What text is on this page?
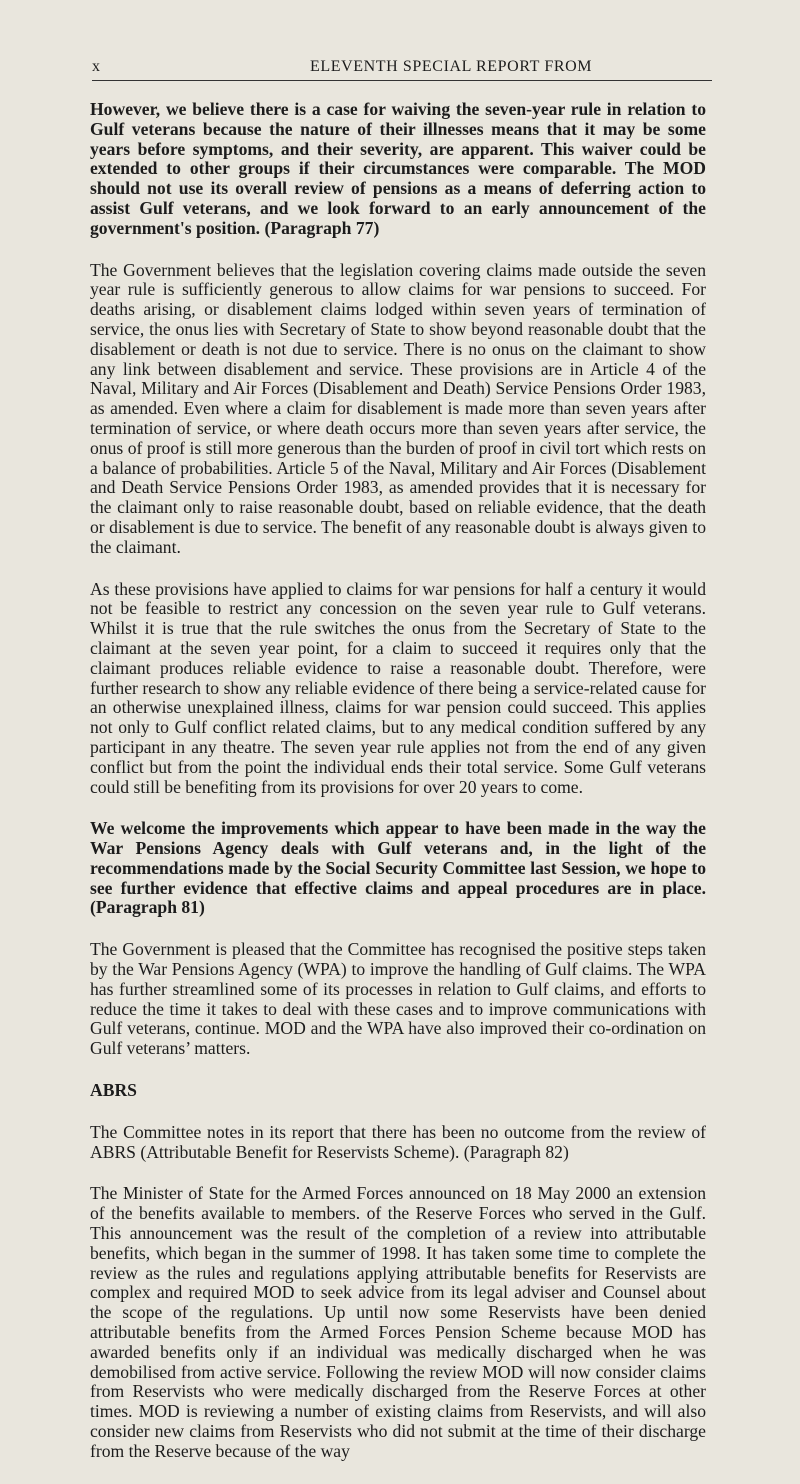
x	ELEVENTH SPECIAL REPORT FROM

However, we believe there is a case for waiving the seven-year rule in relation to Gulf veterans because the nature of their illnesses means that it may be some years before symptoms, and their severity, are apparent. This waiver could be extended to other groups if their circumstances were comparable. The MOD should not use its overall review of pensions as a means of deferring action to assist Gulf veterans, and we look forward to an early announcement of the government's position. (Paragraph 77)

The Government believes that the legislation covering claims made outside the seven year rule is sufficiently generous to allow claims for war pensions to succeed. For deaths arising, or disablement claims lodged within seven years of termination of service, the onus lies with Secretary of State to show beyond reasonable doubt that the disablement or death is not due to service. There is no onus on the claimant to show any link between disablement and service. These provisions are in Article 4 of the Naval, Military and Air Forces (Disablement and Death) Service Pensions Order 1983, as amended. Even where a claim for disablement is made more than seven years after termination of service, or where death occurs more than seven years after service, the onus of proof is still more generous than the burden of proof in civil tort which rests on a balance of probabilities. Article 5 of the Naval, Military and Air Forces (Disablement and Death Service Pensions Order 1983, as amended provides that it is necessary for the claimant only to raise reasonable doubt, based on reliable evidence, that the death or disablement is due to service. The benefit of any reasonable doubt is always given to the claimant.

As these provisions have applied to claims for war pensions for half a century it would not be feasible to restrict any concession on the seven year rule to Gulf veterans. Whilst it is true that the rule switches the onus from the Secretary of State to the claimant at the seven year point, for a claim to succeed it requires only that the claimant produces reliable evidence to raise a reasonable doubt. Therefore, were further research to show any reliable evidence of there being a service-related cause for an otherwise unexplained illness, claims for war pension could succeed. This applies not only to Gulf conflict related claims, but to any medical condition suffered by any participant in any theatre. The seven year rule applies not from the end of any given conflict but from the point the individual ends their total service. Some Gulf veterans could still be benefiting from its provisions for over 20 years to come.

We welcome the improvements which appear to have been made in the way the War Pensions Agency deals with Gulf veterans and, in the light of the recommendations made by the Social Security Committee last Session, we hope to see further evidence that effective claims and appeal procedures are in place. (Paragraph 81)

The Government is pleased that the Committee has recognised the positive steps taken by the War Pensions Agency (WPA) to improve the handling of Gulf claims. The WPA has further streamlined some of its processes in relation to Gulf claims, and efforts to reduce the time it takes to deal with these cases and to improve communications with Gulf veterans, continue. MOD and the WPA have also improved their co-ordination on Gulf veterans’ matters.

ABRS

The Committee notes in its report that there has been no outcome from the review of ABRS (Attributable Benefit for Reservists Scheme). (Paragraph 82)

The Minister of State for the Armed Forces announced on 18 May 2000 an extension of the benefits available to members. of the Reserve Forces who served in the Gulf. This announcement was the result of the completion of a review into attributable benefits, which began in the summer of 1998. It has taken some time to complete the review as the rules and regulations applying attributable benefits for Reservists are complex and required MOD to seek advice from its legal adviser and Counsel about the scope of the regulations. Up until now some Reservists have been denied attributable benefits from the Armed Forces Pension Scheme because MOD has awarded benefits only if an individual was medically discharged when he was demobilised from active service. Following the review MOD will now consider claims from Reservists who were medically discharged from the Reserve Forces at other times. MOD is reviewing a number of existing claims from Reservists, and will also consider new claims from Reservists who did not submit at the time of their discharge from the Reserve because of the way
